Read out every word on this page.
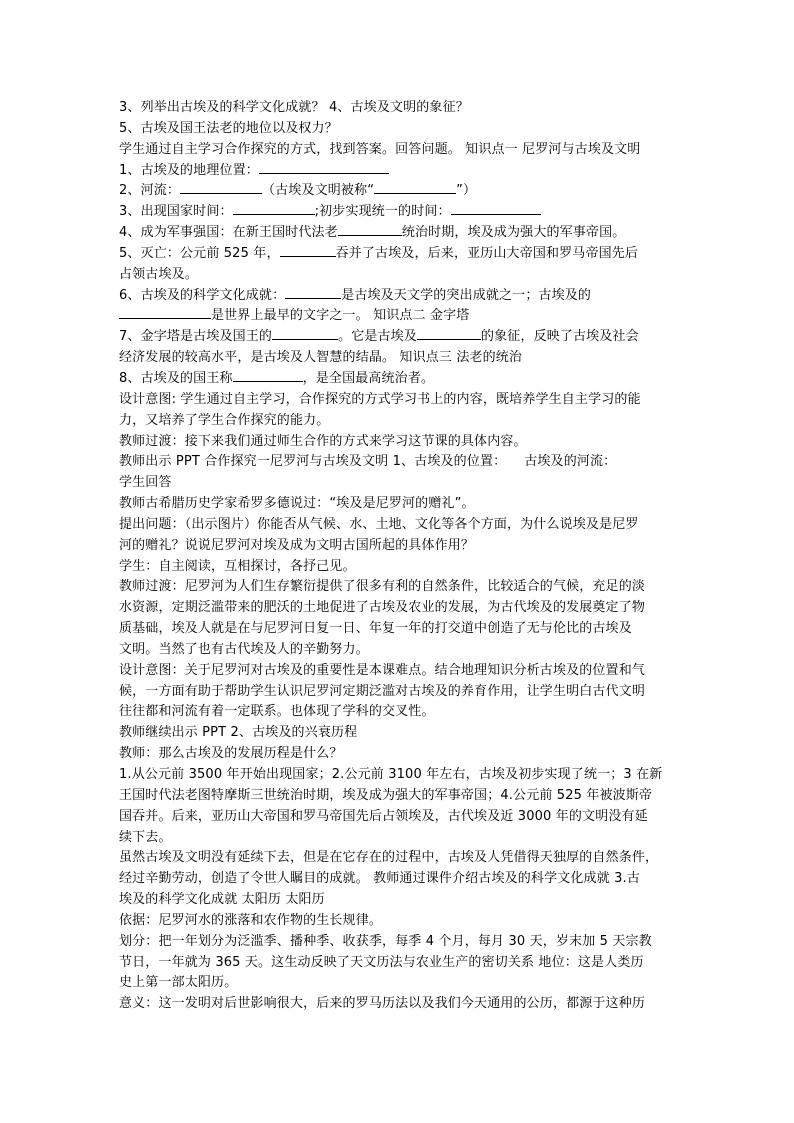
3、列举出古埃及的科学文化成就？ 4、古埃及文明的象征？
5、古埃及国王法老的地位以及权力？
学生通过自主学习合作探究的方式，找到答案。回答问题。 知识点一 尼罗河与古埃及文明
1、古埃及的地理位置：
2、河流：	（古埃及文明被称“	”）
3、出现国家时间：	;初步实现统一的时间：
4、成为军事强国：在新王国时代法老	统治时期，埃及成为强大的军事帝国。
5、灭亡：公元前 525 年，	吞并了古埃及，后来，亚历山大帝国和罗马帝国先后
占领古埃及。
6、古埃及的科学文化成就：	是古埃及天文学的突出成就之一；古埃及的
是世界上最早的文字之一。 知识点二 金字塔
7、金字塔是古埃及国王的	。它是古埃及	的象征，反映了古埃及社会
经济发展的较高水平，是古埃及人智慧的结晶。 知识点三 法老的统治
8、古埃及的国王称	，是全国最高统治者。
设计意图: 学生通过自主学习，合作探究的方式学习书上的内容，既培养学生自主学习的能
力，又培养了学生合作探究的能力。
教师过渡：接下来我们通过师生合作的方式来学习这节课的具体内容。
教师出示 PPT 合作探究一尼罗河与古埃及文明 1、古埃及的位置： 古埃及的河流：
学生回答
教师古希腊历史学家希罗多德说过：“埃及是尼罗河的赠礼”。
提出问题：（出示图片）你能否从气候、水、土地、文化等各个方面，为什么说埃及是尼罗
河的赠礼？说说尼罗河对埃及成为文明古国所起的具体作用？
学生：自主阅读，互相探讨，各抒己见。
教师过渡：尼罗河为人们生存繁衍提供了很多有利的自然条件，比较适合的气候，充足的淡
水资源，定期泛滥带来的肥沃的土地促进了古埃及农业的发展，为古代埃及的发展奠定了物
质基础，埃及人就是在与尼罗河日复一日、年复一年的打交道中创造了无与伦比的古埃及
文明。当然了也有古代埃及人的辛勤努力。
设计意图：关于尼罗河对古埃及的重要性是本课难点。结合地理知识分析古埃及的位置和气
候，一方面有助于帮助学生认识尼罗河定期泛滥对古埃及的养育作用，让学生明白古代文明
往往都和河流有着一定联系。也体现了学科的交叉性。
教师继续出示 PPT 2、古埃及的兴衰历程
教师：那么古埃及的发展历程是什么？
1.从公元前 3500 年开始出现国家；2.公元前 3100 年左右，古埃及初步实现了统一；3 在新
王国时代法老图特摩斯三世统治时期，埃及成为强大的军事帝国；4.公元前 525 年被波斯帝
国吞并。后来，亚历山大帝国和罗马帝国先后占领埃及，古代埃及近 3000 年的文明没有延
续下去。
虽然古埃及文明没有延续下去，但是在它存在的过程中，古埃及人凭借得天独厚的自然条件，
经过辛勤劳动，创造了令世人瞩目的成就。 教师通过课件介绍古埃及的科学文化成就 3.古
埃及的科学文化成就 太阳历 太阳历
依据：尼罗河水的涨落和农作物的生长规律。
划分：把一年划分为泛滥季、播种季、收获季，每季 4 个月，每月 30 天，岁末加 5 天宗教
节日，一年就为 365 天。这生动反映了天文历法与农业生产的密切关系 地位：这是人类历
史上第一部太阳历。
意义：这一发明对后世影响很大，后来的罗马历法以及我们今天通用的公历，都源于这种历
